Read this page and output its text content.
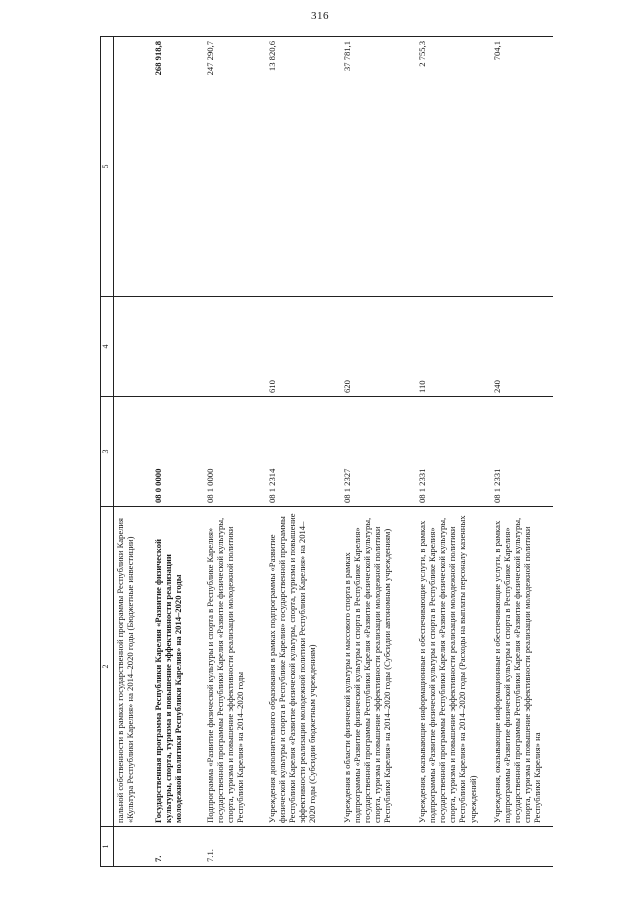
316
1	2	3	4	5
	пальной собственности в рамках государственной программы Республики Карелия «Культура Республики Карелия» на 2014–2020 годы (Бюджетные инвестиции)			
7.	Государственная программа Республики Карелия «Развитие физической культуры, спорта, туризма и повышение эффективности реализации молодежной политики Республики Карелия» на 2014–2020 годы	08 0 0000		268 918,8
7.1.	Подпрограмма «Развитие физической культуры и спорта в Республике Карелия» государственной программы Республики Карелия «Развитие физической культуры, спорта, туризма и повышение эффективности реализации молодежной политики Республики Карелия» на 2014–2020 годы	08 1 0000		247 290,7
	Учреждения дополнительного образования в рамках подпрограммы «Развитие физической культуры и спорта в Республике Карелия» государственной программы Республики Карелия «Развитие физической культуры, спорта, туризма и повышение эффективности реализации молодежной политики Республики Карелия» на 2014–2020 годы (Субсидии бюджетным учреждениям)	08 1 2314	610	13 820,6
	Учреждения в области физической культуры и массового спорта в рамках подпрограммы «Развитие физической культуры и спорта в Республике Карелия» государственной программы Республики Карелия «Развитие физической культуры, спорта, туризма и повышение эффективности реализации молодежной политики Республики Карелия» на 2014–2020 годы (Субсидии автономным учреждениям)	08 1 2327	620	37 781,1
	Учреждения, оказывающие информационные и обеспечивающие услуги, в рамках подпрограммы «Развитие физической культуры и спорта в Республике Карелия» государственной программы Республики Карелия «Развитие физической культуры, спорта, туризма и повышение эффективности реализации молодежной политики Республики Карелия» на 2014–2020 годы (Расходы на выплаты персоналу казенных учреждений)	08 1 2331	110	2 755,3
	Учреждения, оказывающие информационные и обеспечивающие услуги, в рамках подпрограммы «Развитие физической культуры и спорта в Республике Карелия» государственной программы Республики Карелия «Развитие физической культуры, спорта, туризма и повышение эффективности реализации молодежной политики Республики Карелия» на	08 1 2331	240	704,1
